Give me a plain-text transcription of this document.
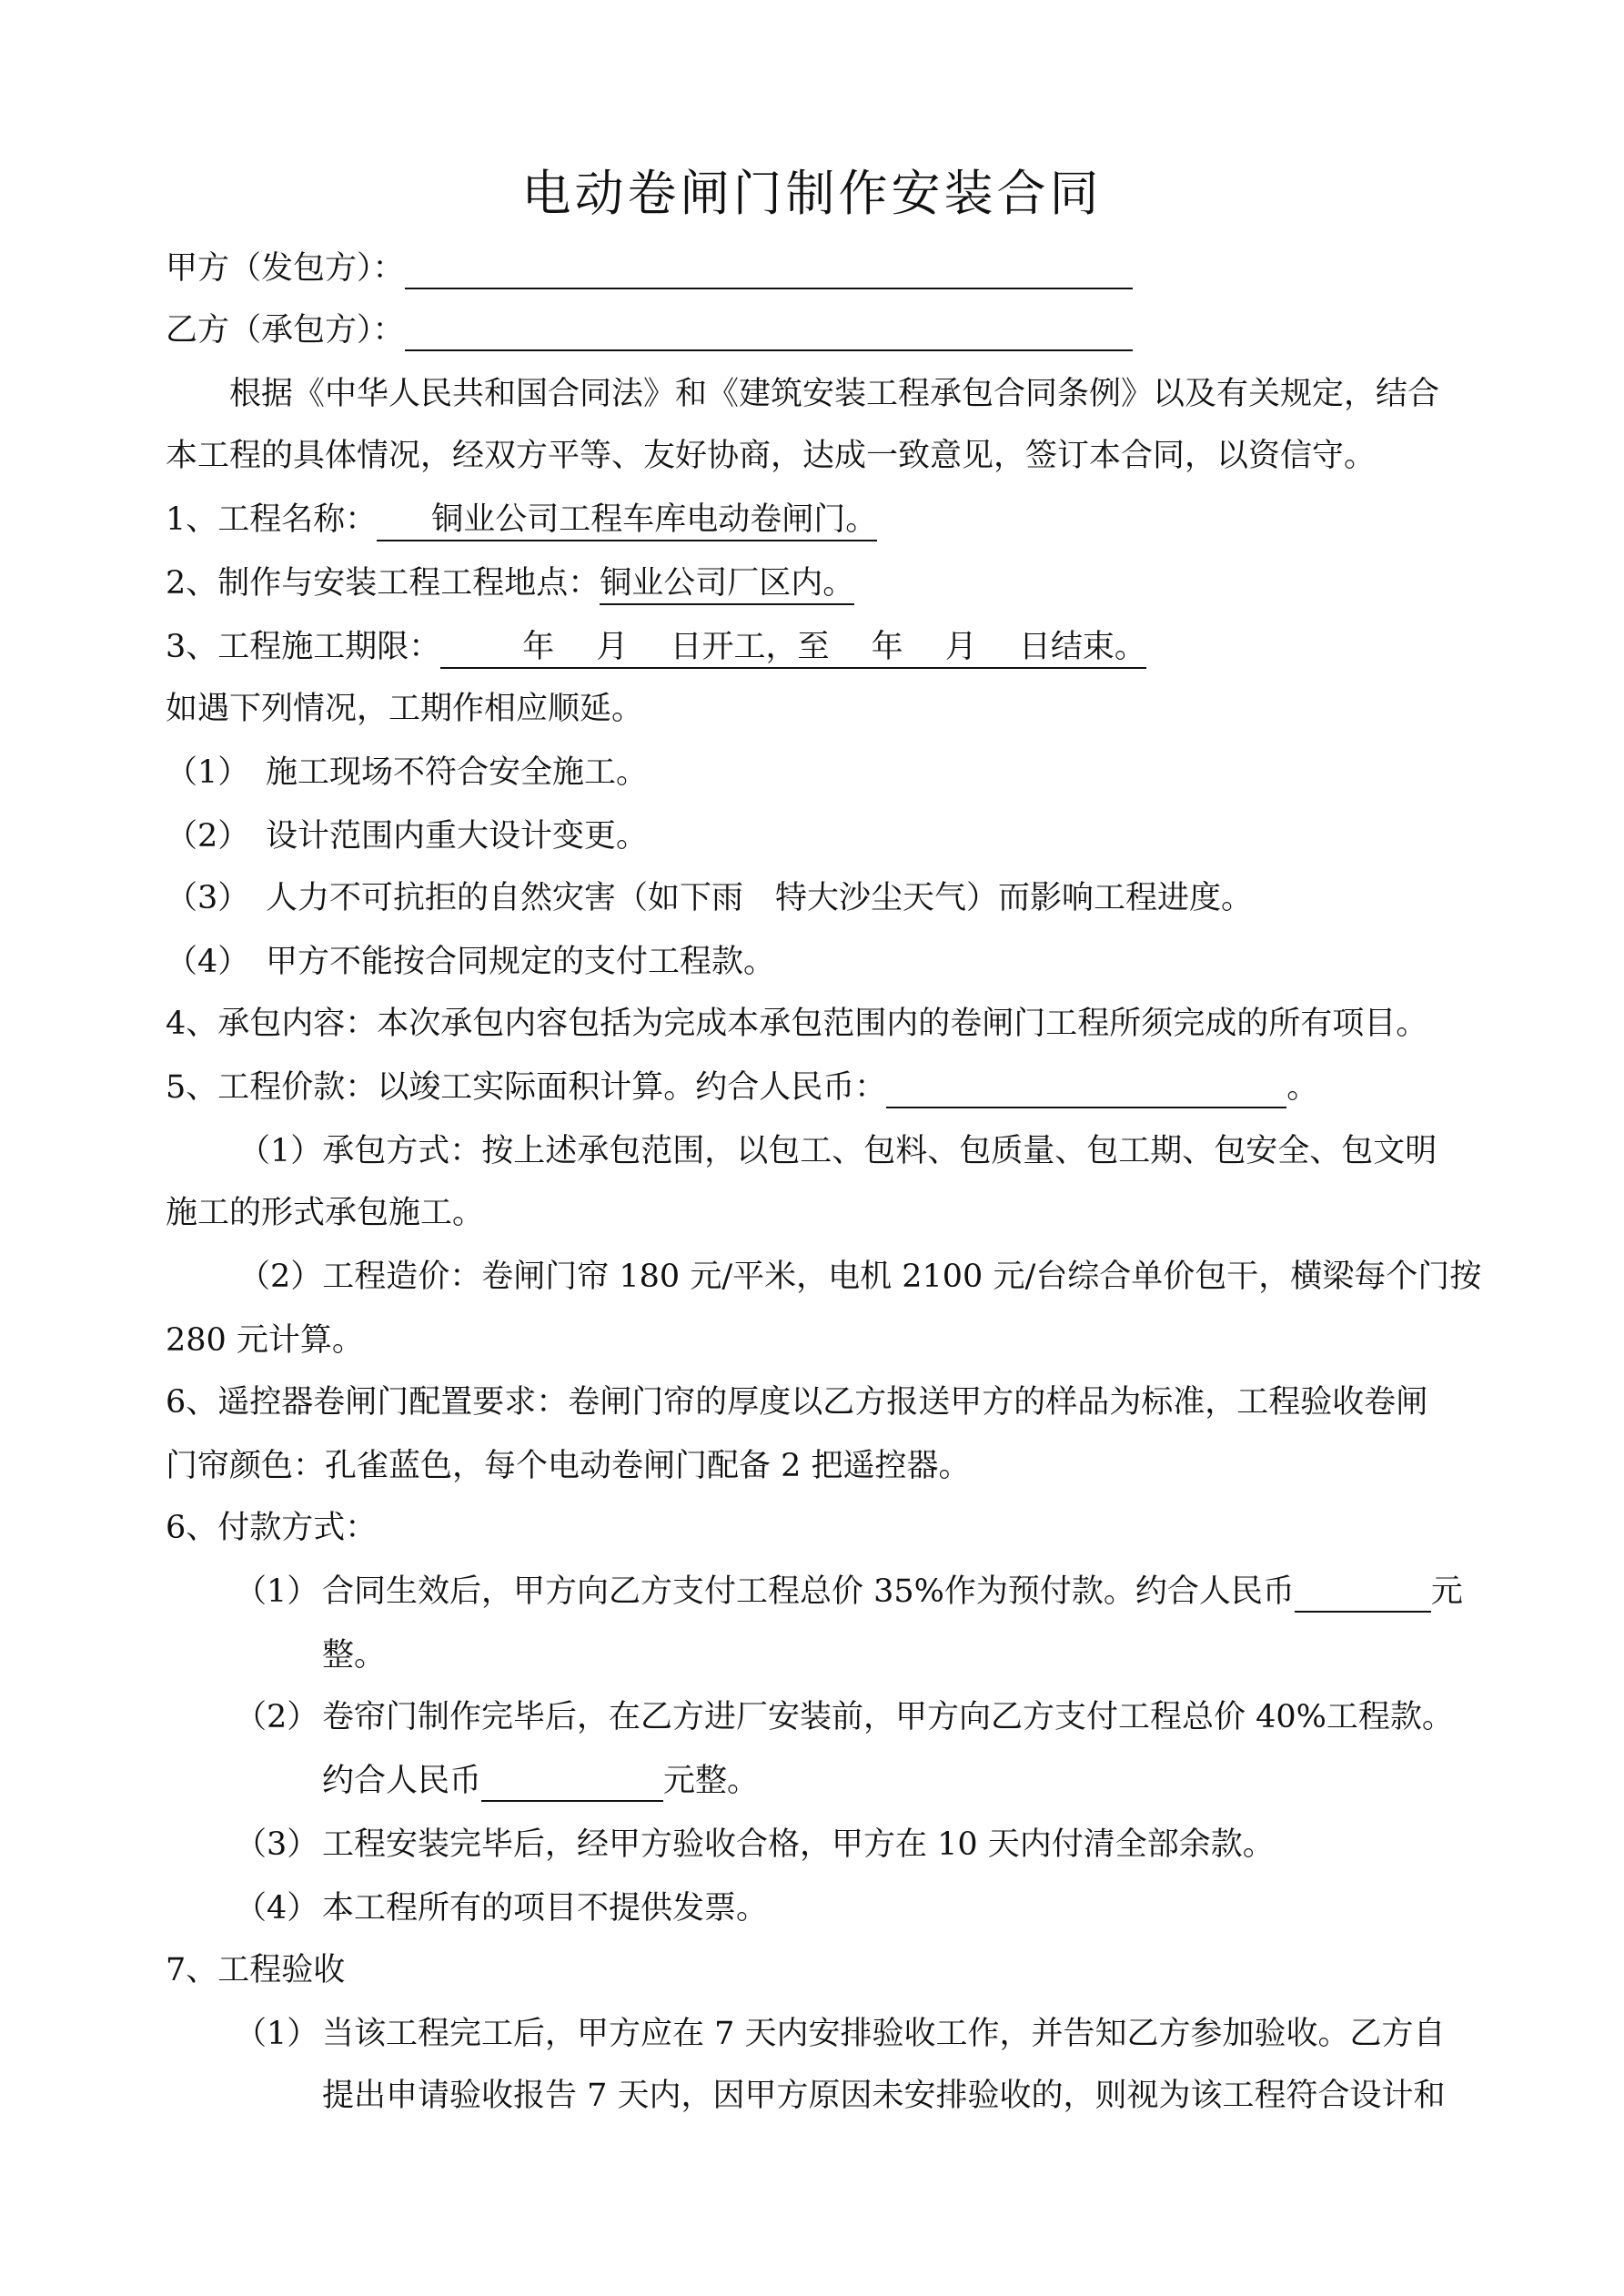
电动卷闸门制作安装合同
甲方（发包方）：
乙方（承包方）：
根据《中华人民共和国合同法》和《建筑安装工程承包合同条例》以及有关规定，结合
本工程的具体情况，经双方平等、友好协商，达成一致意见，签订本合同，以资信守。
1、工程名称： 铜业公司工程车库电动卷闸门。
2、制作与安装工程工程地点：铜业公司厂区内。
3、工程施工期限：	年　 月　 日开工，至　 年　 月　 日结束。
如遇下列情况，工期作相应顺延。
（1） 施工现场不符合安全施工。
（2） 设计范围内重大设计变更。
（3） 人力不可抗拒的自然灾害（如下雨　特大沙尘天气）而影响工程进度。
（4） 甲方不能按合同规定的支付工程款。
4、承包内容：本次承包内容包括为完成本承包范围内的卷闸门工程所须完成的所有项目。
5、工程价款：以竣工实际面积计算。约合人民币：	。
（1）承包方式：按上述承包范围，以包工、包料、包质量、包工期、包安全、包文明
施工的形式承包施工。
（2）工程造价：卷闸门帘 180 元/平米，电机 2100 元/台综合单价包干，横梁每个门按
280 元计算。
6、遥控器卷闸门配置要求：卷闸门帘的厚度以乙方报送甲方的样品为标准，工程验收卷闸
门帘颜色：孔雀蓝色，每个电动卷闸门配备 2 把遥控器。
6、付款方式：
（1） 合同生效后，甲方向乙方支付工程总价 35%作为预付款。约合人民币	元
整。
（2） 卷帘门制作完毕后，在乙方进厂安装前，甲方向乙方支付工程总价 40%工程款。
约合人民币	元整。
（3） 工程安装完毕后，经甲方验收合格，甲方在 10 天内付清全部余款。
（4） 本工程所有的项目不提供发票。
7、工程验收
（1） 当该工程完工后，甲方应在 7 天内安排验收工作，并告知乙方参加验收。乙方自
提出申请验收报告 7 天内，因甲方原因未安排验收的，则视为该工程符合设计和
